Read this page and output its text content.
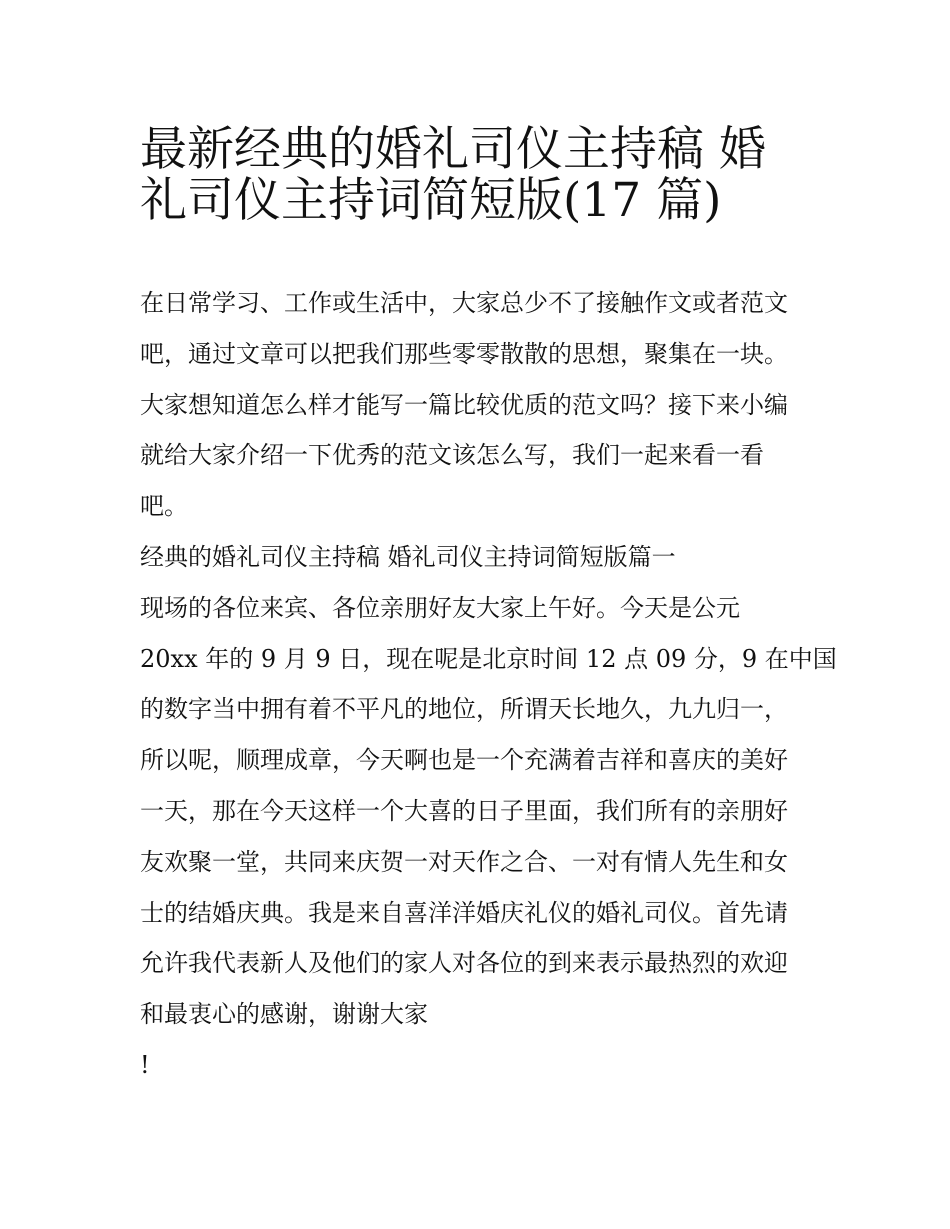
最新经典的婚礼司仪主持稿 婚
礼司仪主持词简短版(17 篇)
在日常学习、工作或生活中，大家总少不了接触作文或者范文
吧，通过文章可以把我们那些零零散散的思想，聚集在一块。
大家想知道怎么样才能写一篇比较优质的范文吗？接下来小编
就给大家介绍一下优秀的范文该怎么写，我们一起来看一看
吧。
经典的婚礼司仪主持稿 婚礼司仪主持词简短版篇一
现场的各位来宾、各位亲朋好友大家上午好。今天是公元
20xx 年的 9 月 9 日，现在呢是北京时间 12 点 09 分，9 在中国
的数字当中拥有着不平凡的地位，所谓天长地久，九九归一，
所以呢，顺理成章，今天啊也是一个充满着吉祥和喜庆的美好
一天，那在今天这样一个大喜的日子里面，我们所有的亲朋好
友欢聚一堂，共同来庆贺一对天作之合、一对有情人先生和女
士的结婚庆典。我是来自喜洋洋婚庆礼仪的婚礼司仪。首先请
允许我代表新人及他们的家人对各位的到来表示最热烈的欢迎
和最衷心的感谢，谢谢大家
!
